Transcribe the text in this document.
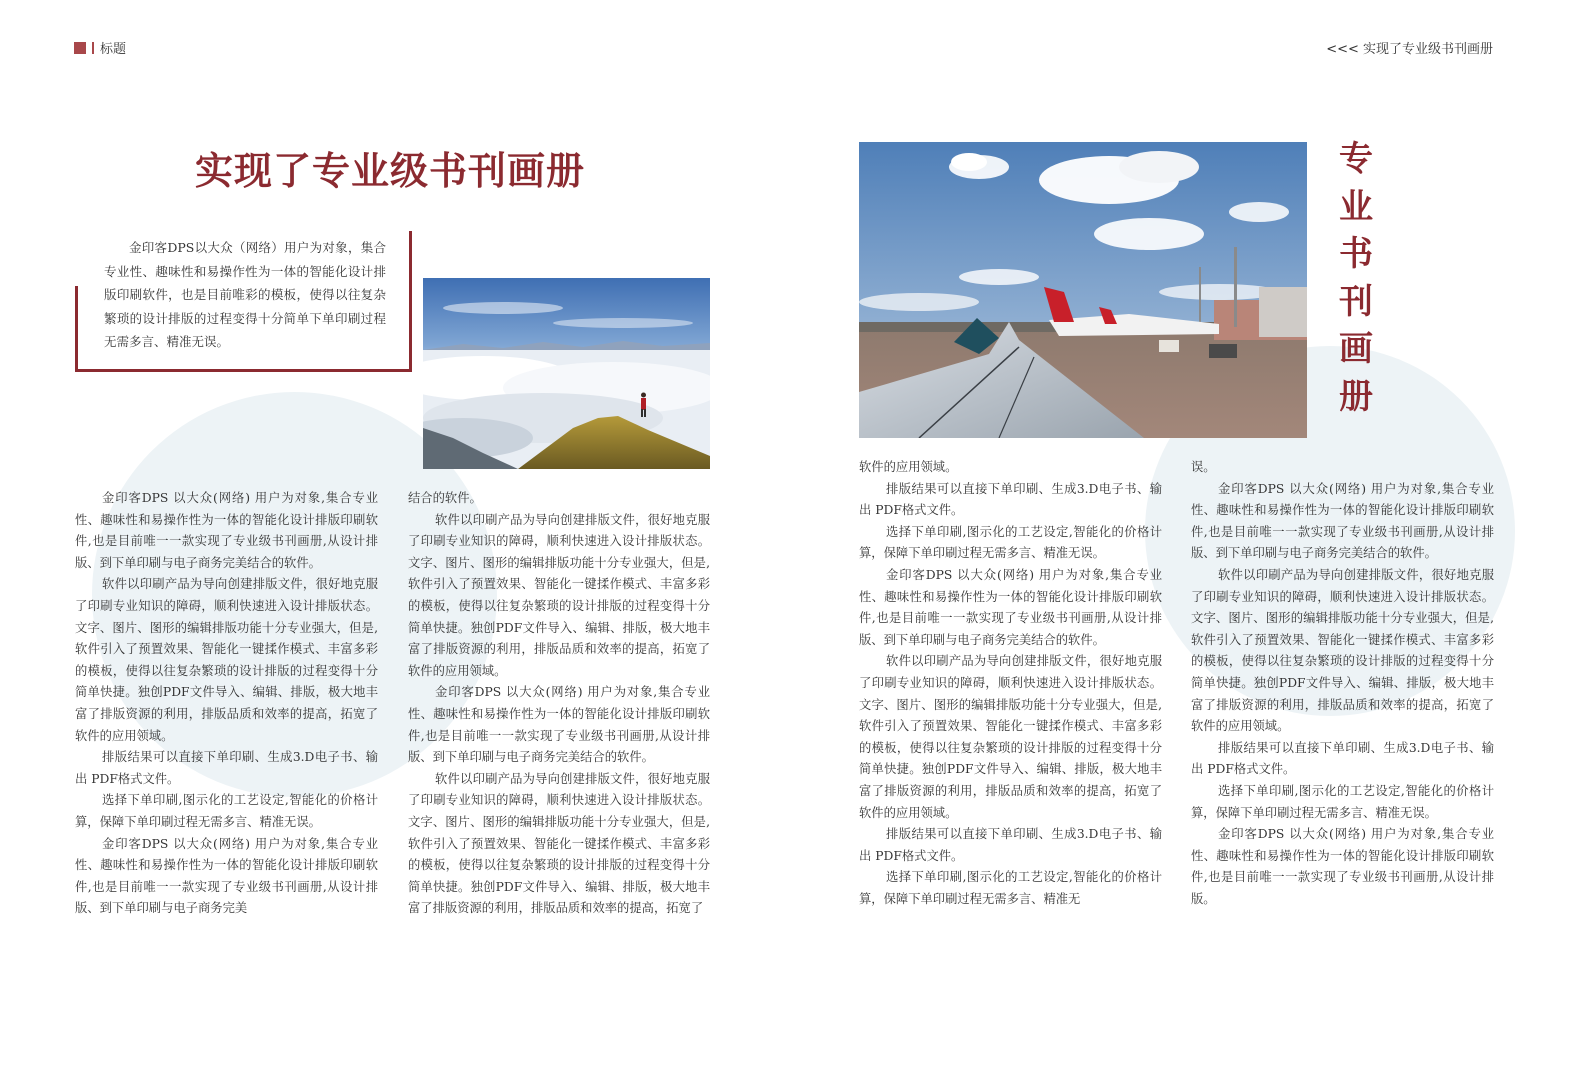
标题	<<< 实现了专业级书刊画册
实现了专业级书刊画册
金印客DPS以大众（网络）用户为对象，集合专业性、趣味性和易操作性为一体的智能化设计排版印刷软件，也是目前唯彩的模板，使得以往复杂繁琐的设计排版的过程变得十分简单下单印刷过程无需多言、精准无误。
专
业
书
刊
画
册

金印客DPS 以大众(网络) 用户为对象,集合专业性、趣味性和易操作性为一体的智能化设计排版印刷软件,也是目前唯一一款实现了专业级书刊画册,从设计排版、到下单印刷与电子商务完美结合的软件。

软件以印刷产品为导向创建排版文件，很好地克服了印刷专业知识的障碍，顺利快速进入设计排版状态。文字、图片、图形的编辑排版功能十分专业强大，但是,软件引入了预置效果、智能化一键揉作模式、丰富多彩的模板，使得以往复杂繁琐的设计排版的过程变得十分简单快捷。独创PDF文件导入、编辑、排版，极大地丰富了排版资源的利用，排版品质和效率的提高，拓宽了软件的应用领域。

排版结果可以直接下单印刷、生成3.D电子书、输出 PDF格式文件。

选择下单印刷,图示化的工艺设定,智能化的价格计算，保障下单印刷过程无需多言、精准无误。

金印客DPS 以大众(网络) 用户为对象,集合专业性、趣味性和易操作性为一体的智能化设计排版印刷软件,也是目前唯一一款实现了专业级书刊画册,从设计排版、到下单印刷与电子商务完美

结合的软件。

软件以印刷产品为导向创建排版文件，很好地克服了印刷专业知识的障碍，顺利快速进入设计排版状态。文字、图片、图形的编辑排版功能十分专业强大，但是,软件引入了预置效果、智能化一键揉作模式、丰富多彩的模板，使得以往复杂繁琐的设计排版的过程变得十分简单快捷。独创PDF文件导入、编辑、排版，极大地丰富了排版资源的利用，排版品质和效率的提高，拓宽了软件的应用领域。

金印客DPS 以大众(网络) 用户为对象,集合专业性、趣味性和易操作性为一体的智能化设计排版印刷软件,也是目前唯一一款实现了专业级书刊画册,从设计排版、到下单印刷与电子商务完美结合的软件。

软件以印刷产品为导向创建排版文件，很好地克服了印刷专业知识的障碍，顺利快速进入设计排版状态。文字、图片、图形的编辑排版功能十分专业强大，但是,软件引入了预置效果、智能化一键揉作模式、丰富多彩的模板，使得以往复杂繁琐的设计排版的过程变得十分简单快捷。独创PDF文件导入、编辑、排版，极大地丰富了排版资源的利用，排版品质和效率的提高，拓宽了

软件的应用领域。

排版结果可以直接下单印刷、生成3.D电子书、输出 PDF格式文件。

选择下单印刷,图示化的工艺设定,智能化的价格计算，保障下单印刷过程无需多言、精准无误。

金印客DPS 以大众(网络) 用户为对象,集合专业性、趣味性和易操作性为一体的智能化设计排版印刷软件,也是目前唯一一款实现了专业级书刊画册,从设计排版、到下单印刷与电子商务完美结合的软件。

软件以印刷产品为导向创建排版文件，很好地克服了印刷专业知识的障碍，顺利快速进入设计排版状态。文字、图片、图形的编辑排版功能十分专业强大，但是,软件引入了预置效果、智能化一键揉作模式、丰富多彩的模板，使得以往复杂繁琐的设计排版的过程变得十分简单快捷。独创PDF文件导入、编辑、排版，极大地丰富了排版资源的利用，排版品质和效率的提高，拓宽了软件的应用领域。

排版结果可以直接下单印刷、生成3.D电子书、输出 PDF格式文件。

选择下单印刷,图示化的工艺设定,智能化的价格计算，保障下单印刷过程无需多言、精准无

误。

金印客DPS 以大众(网络) 用户为对象,集合专业性、趣味性和易操作性为一体的智能化设计排版印刷软件,也是目前唯一一款实现了专业级书刊画册,从设计排版、到下单印刷与电子商务完美结合的软件。

软件以印刷产品为导向创建排版文件，很好地克服了印刷专业知识的障碍，顺利快速进入设计排版状态。文字、图片、图形的编辑排版功能十分专业强大，但是,软件引入了预置效果、智能化一键揉作模式、丰富多彩的模板，使得以往复杂繁琐的设计排版的过程变得十分简单快捷。独创PDF文件导入、编辑、排版，极大地丰富了排版资源的利用，排版品质和效率的提高，拓宽了软件的应用领域。

排版结果可以直接下单印刷、生成3.D电子书、输出 PDF格式文件。

选择下单印刷,图示化的工艺设定,智能化的价格计算，保障下单印刷过程无需多言、精准无误。

金印客DPS 以大众(网络) 用户为对象,集合专业性、趣味性和易操作性为一体的智能化设计排版印刷软件,也是目前唯一一款实现了专业级书刊画册,从设计排版。
